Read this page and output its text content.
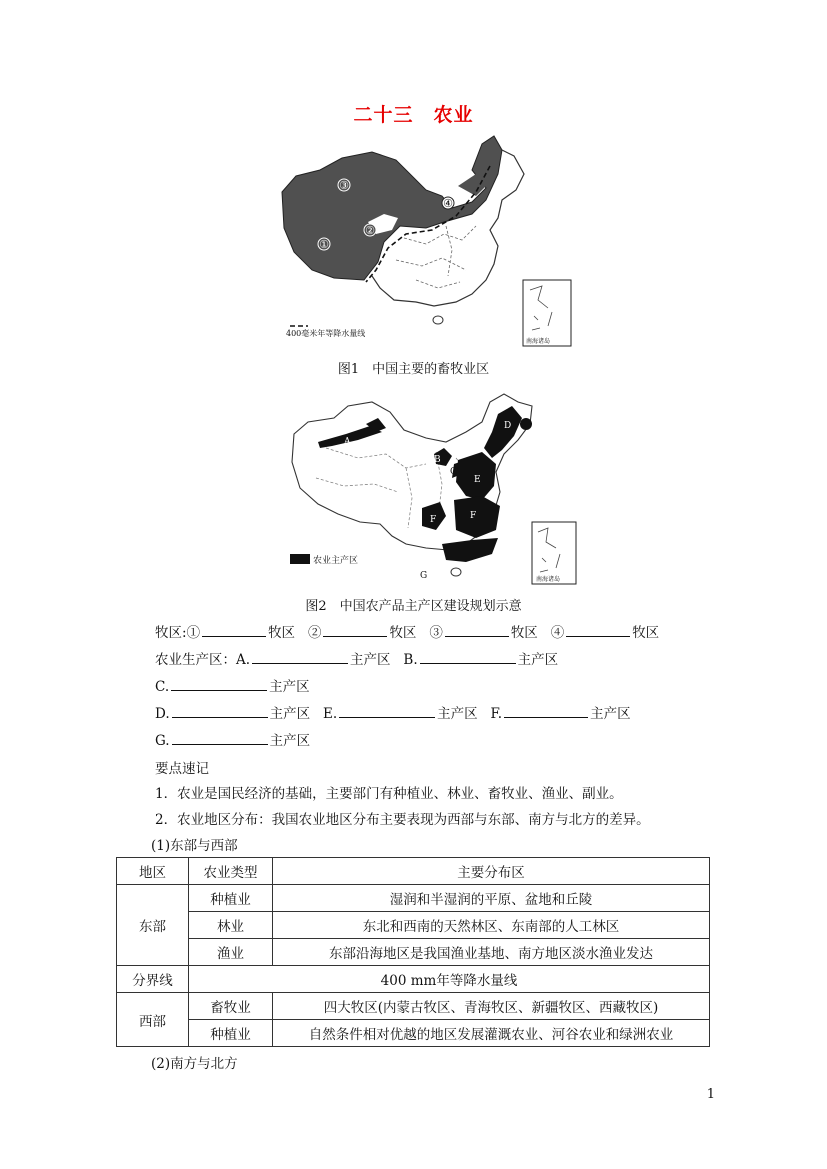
二十三　农业
③
②
①
④
400毫米年等降水量线
南海诸岛
图1　中国主要的畜牧业区
A
B
C
D
E
F	F
G
农业主产区
南海诸岛
图2　中国农产品主产区建设规划示意
牧区:①	牧区 ②	牧区 ③	牧区 ④	牧区
农业生产区：A.	主产区 B.	主产区
C.	主产区
D.	主产区 E.	主产区 F.	主产区
G.	主产区
要点速记
1．农业是国民经济的基础，主要部门有种植业、林业、畜牧业、渔业、副业。
2．农业地区分布：我国农业地区分布主要表现为西部与东部、南方与北方的差异。
(1)东部与西部
地区	农业类型	主要分布区
东部	种植业	湿润和半湿润的平原、盆地和丘陵
	林业	东北和西南的天然林区、东南部的人工林区
	渔业	东部沿海地区是我国渔业基地、南方地区淡水渔业发达
分界线	400 mm年等降水量线	
西部	畜牧业	四大牧区(内蒙古牧区、青海牧区、新疆牧区、西藏牧区)
	种植业	自然条件相对优越的地区发展灌溉农业、河谷农业和绿洲农业
(2)南方与北方
1
